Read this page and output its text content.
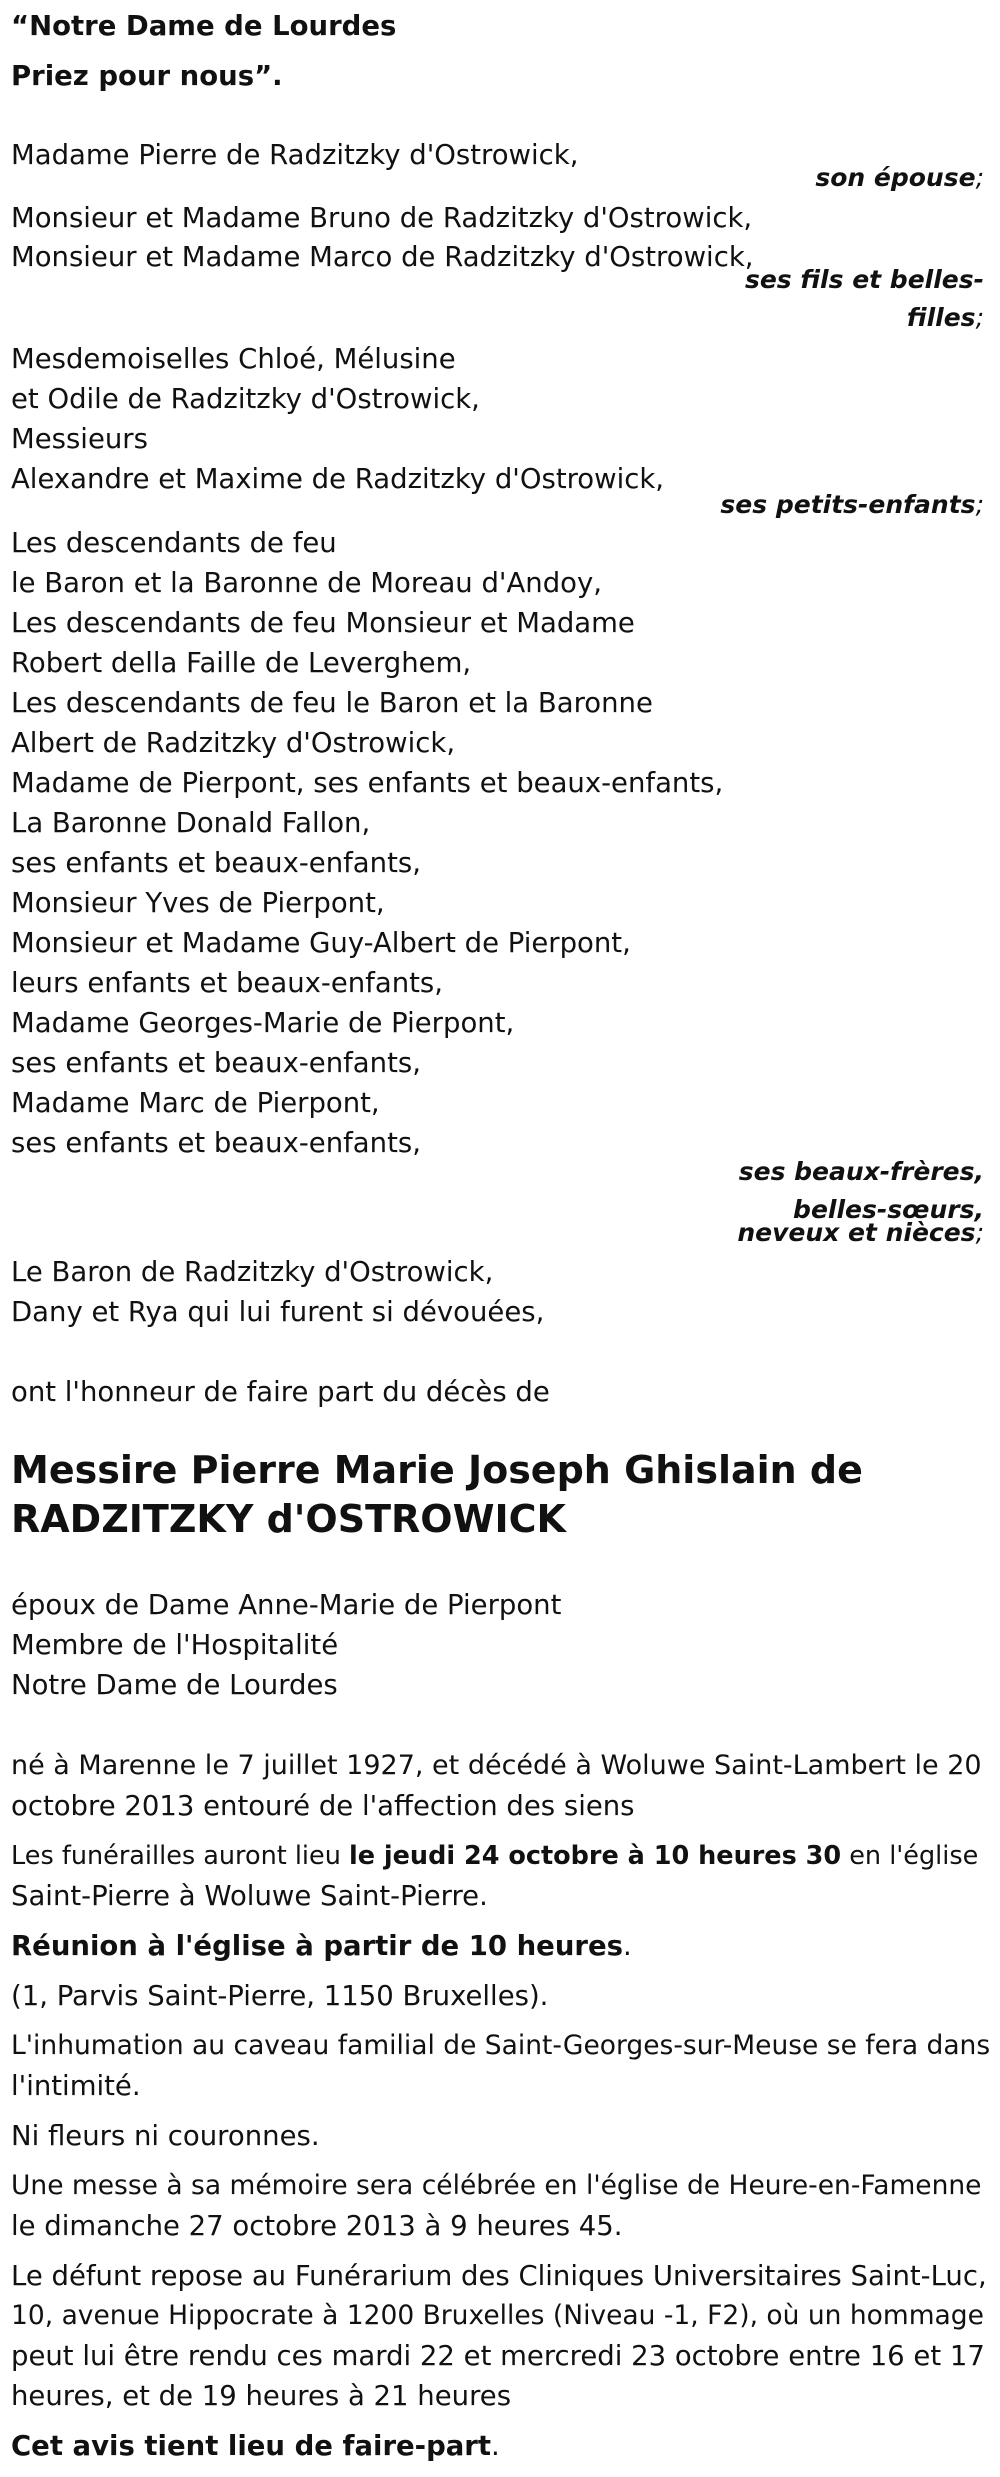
“Notre Dame de Lourdes
Priez pour nous”.
Madame Pierre de Radzitzky d'Ostrowick,
son épouse;
Monsieur et Madame Bruno de Radzitzky d'Ostrowick,
Monsieur et Madame Marco de Radzitzky d'Ostrowick,
ses fils et belles-
filles;
Mesdemoiselles Chloé, Mélusine
et Odile de Radzitzky d'Ostrowick,
Messieurs
Alexandre et Maxime de Radzitzky d'Ostrowick,
ses petits-enfants;
Les descendants de feu
le Baron et la Baronne de Moreau d'Andoy,
Les descendants de feu Monsieur et Madame
Robert della Faille de Leverghem,
Les descendants de feu le Baron et la Baronne
Albert de Radzitzky d'Ostrowick,
Madame de Pierpont, ses enfants et beaux-enfants,
La Baronne Donald Fallon,
ses enfants et beaux-enfants,
Monsieur Yves de Pierpont,
Monsieur et Madame Guy-Albert de Pierpont,
leurs enfants et beaux-enfants,
Madame Georges-Marie de Pierpont,
ses enfants et beaux-enfants,
Madame Marc de Pierpont,
ses enfants et beaux-enfants,
ses beaux-frères,
belles-sœurs,
neveux et nièces;
Le Baron de Radzitzky d'Ostrowick,
Dany et Rya qui lui furent si dévouées,
ont l'honneur de faire part du décès de
Messire Pierre Marie Joseph Ghislain de
RADZITZKY d'OSTROWICK
époux de Dame Anne-Marie de Pierpont
Membre de l'Hospitalité
Notre Dame de Lourdes
né à Marenne le 7 juillet 1927, et décédé à Woluwe Saint-Lambert le 20
octobre 2013 entouré de l'affection des siens
Les funérailles auront lieu le jeudi 24 octobre à 10 heures 30 en l'église
Saint-Pierre à Woluwe Saint-Pierre.
Réunion à l'église à partir de 10 heures.
(1, Parvis Saint-Pierre, 1150 Bruxelles).
L'inhumation au caveau familial de Saint-Georges-sur-Meuse se fera dans
l'intimité.
Ni fleurs ni couronnes.
Une messe à sa mémoire sera célébrée en l'église de Heure-en-Famenne
le dimanche 27 octobre 2013 à 9 heures 45.
Le défunt repose au Funérarium des Cliniques Universitaires Saint-Luc,
10, avenue Hippocrate à 1200 Bruxelles (Niveau -1, F2), où un hommage
peut lui être rendu ces mardi 22 et mercredi 23 octobre entre 16 et 17
heures, et de 19 heures à 21 heures
Cet avis tient lieu de faire-part.
